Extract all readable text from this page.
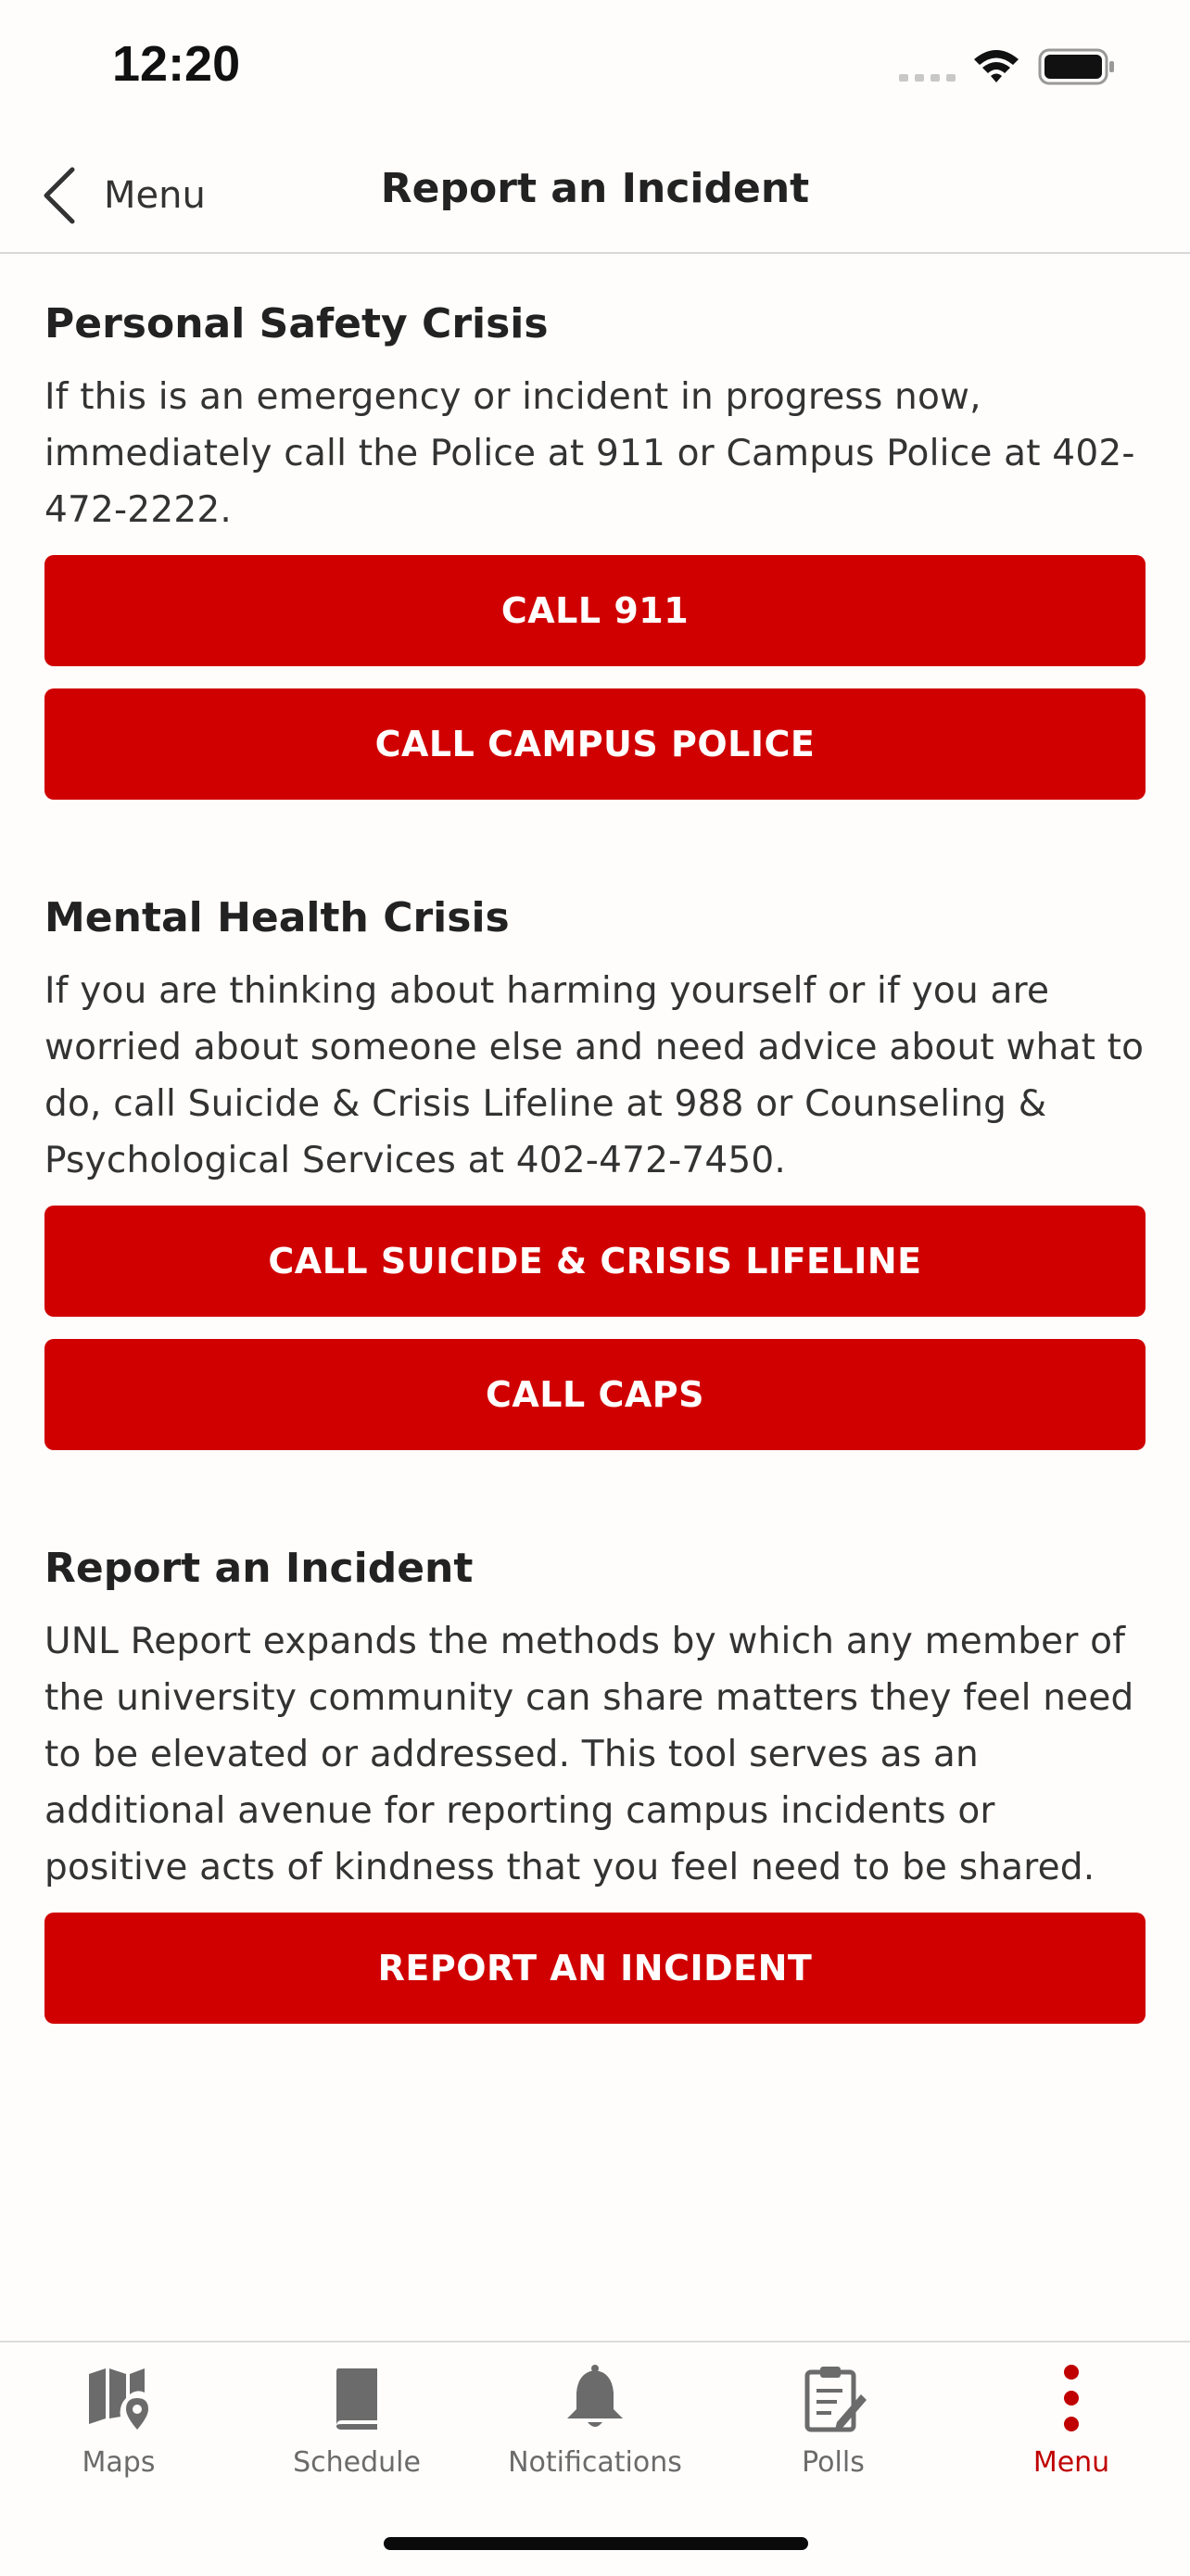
12:20
Menu	Report an Incident
Personal Safety Crisis

If this is an emergency or incident in progress now, immediately call the Police at 911 or Campus Police at 402-472-2222.

CALL 911
CALL CAMPUS POLICE
Mental Health Crisis

If you are thinking about harming yourself or if you are worried about someone else and need advice about what to do, call Suicide & Crisis Lifeline at 988 or Counseling & Psychological Services at 402-472-7450.

CALL SUICIDE & CRISIS LIFELINE
CALL CAPS
Report an Incident

UNL Report expands the methods by which any member of the university community can share matters they feel need to be elevated or addressed. This tool serves as an additional avenue for reporting campus incidents or positive acts of kindness that you feel need to be shared.

REPORT AN INCIDENT
Maps	Schedule	Notifications	Polls	Menu
